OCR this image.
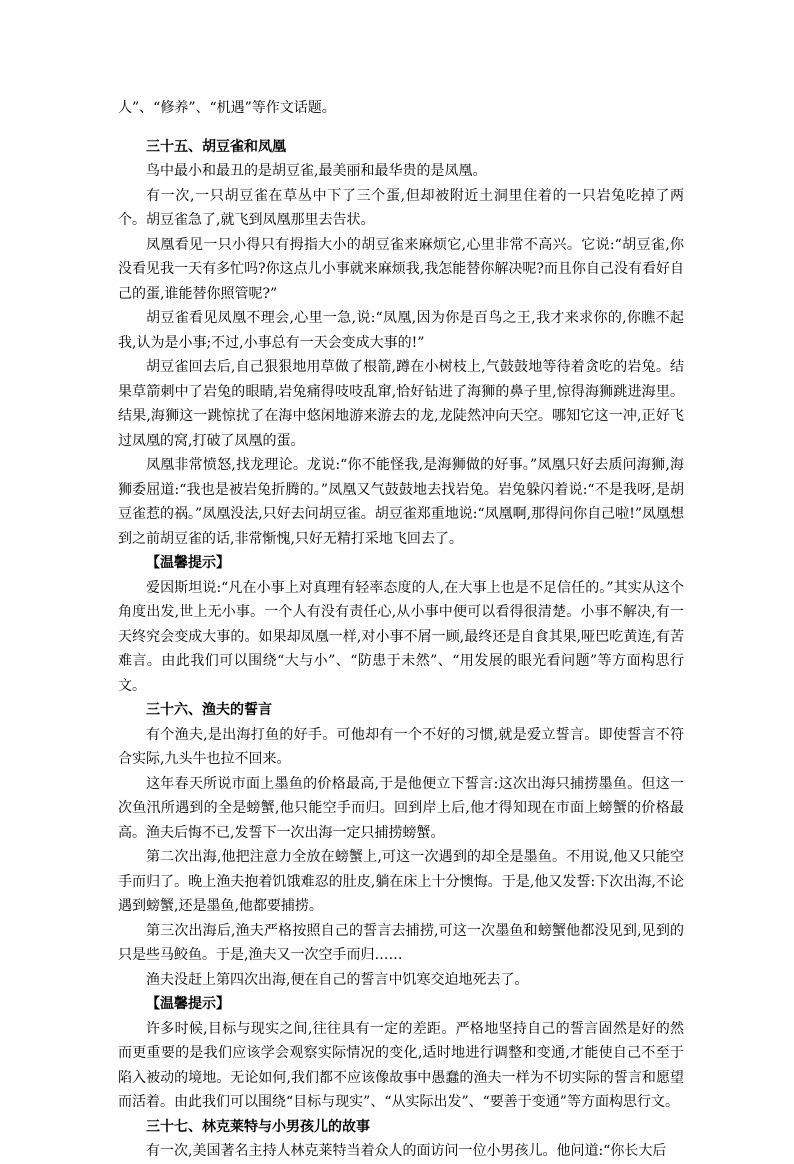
人”、“修养”、“机遇”等作文话题。

三十五、胡豆雀和凤凰

鸟中最小和最丑的是胡豆雀,最美丽和最华贵的是凤凰。

有一次,一只胡豆雀在草丛中下了三个蛋,但却被附近土洞里住着的一只岩兔吃掉了两个。胡豆雀急了,就飞到凤凰那里去告状。

凤凰看见一只小得只有拇指大小的胡豆雀来麻烦它,心里非常不高兴。它说:“胡豆雀,你没看见我一天有多忙吗?你这点儿小事就来麻烦我,我怎能替你解决呢?而且你自己没有看好自己的蛋,谁能替你照管呢?”

胡豆雀看见凤凰不理会,心里一急,说:“凤凰,因为你是百鸟之王,我才来求你的,你瞧不起我,认为是小事;不过,小事总有一天会变成大事的!”

胡豆雀回去后,自己狠狠地用草做了根箭,蹲在小树枝上,气鼓鼓地等待着贪吃的岩兔。结果草箭刺中了岩兔的眼睛,岩兔痛得吱吱乱窜,恰好钻进了海狮的鼻子里,惊得海狮跳进海里。结果,海狮这一跳惊扰了在海中悠闲地游来游去的龙,龙陡然冲向天空。哪知它这一冲,正好飞过凤凰的窝,打破了凤凰的蛋。

凤凰非常愤怒,找龙理论。龙说:“你不能怪我,是海狮做的好事。”凤凰只好去质问海狮,海狮委屈道:“我也是被岩兔折腾的。”凤凰又气鼓鼓地去找岩兔。岩兔躲闪着说:“不是我呀,是胡豆雀惹的祸。”凤凰没法,只好去问胡豆雀。胡豆雀郑重地说:“凤凰啊,那得问你自己啦!”凤凰想到之前胡豆雀的话,非常惭愧,只好无精打采地飞回去了。

【温馨提示】

爱因斯坦说:“凡在小事上对真理有轻率态度的人,在大事上也是不足信任的。”其实从这个角度出发,世上无小事。一个人有没有责任心,从小事中便可以看得很清楚。小事不解决,有一天终究会变成大事的。如果却凤凰一样,对小事不屑一顾,最终还是自食其果,哑巴吃黄连,有苦难言。由此我们可以围绕“大与小”、“防患于未然”、“用发展的眼光看问题”等方面构思行文。

三十六、渔夫的誓言

有个渔夫,是出海打鱼的好手。可他却有一个不好的习惯,就是爱立誓言。即使誓言不符合实际,九头牛也拉不回来。

这年春天所说市面上墨鱼的价格最高,于是他便立下誓言:这次出海只捕捞墨鱼。但这一次鱼汛所遇到的全是螃蟹,他只能空手而归。回到岸上后,他才得知现在市面上螃蟹的价格最高。渔夫后悔不已,发誓下一次出海一定只捕捞螃蟹。

第二次出海,他把注意力全放在螃蟹上,可这一次遇到的却全是墨鱼。不用说,他又只能空手而归了。晚上渔夫抱着饥饿难忍的肚皮,躺在床上十分懊悔。于是,他又发誓:下次出海,不论遇到螃蟹,还是墨鱼,他都要捕捞。

第三次出海后,渔夫严格按照自己的誓言去捕捞,可这一次墨鱼和螃蟹他都没见到,见到的只是些马鲛鱼。于是,渔夫又一次空手而归……

渔夫没赶上第四次出海,便在自己的誓言中饥寒交迫地死去了。

【温馨提示】

许多时候,目标与现实之间,往往具有一定的差距。严格地坚持自己的誓言固然是好的然而更重要的是我们应该学会观察实际情况的变化,适时地进行调整和变通,才能使自己不至于陷入被动的境地。无论如何,我们都不应该像故事中愚蠢的渔夫一样为不切实际的誓言和愿望而活着。由此我们可以围绕“目标与现实”、“从实际出发”、“要善于变通”等方面构思行文。

三十七、林克莱特与小男孩儿的故事

有一次,美国著名主持人林克莱特当着众人的面访问一位小男孩儿。他问道:“你长大后
